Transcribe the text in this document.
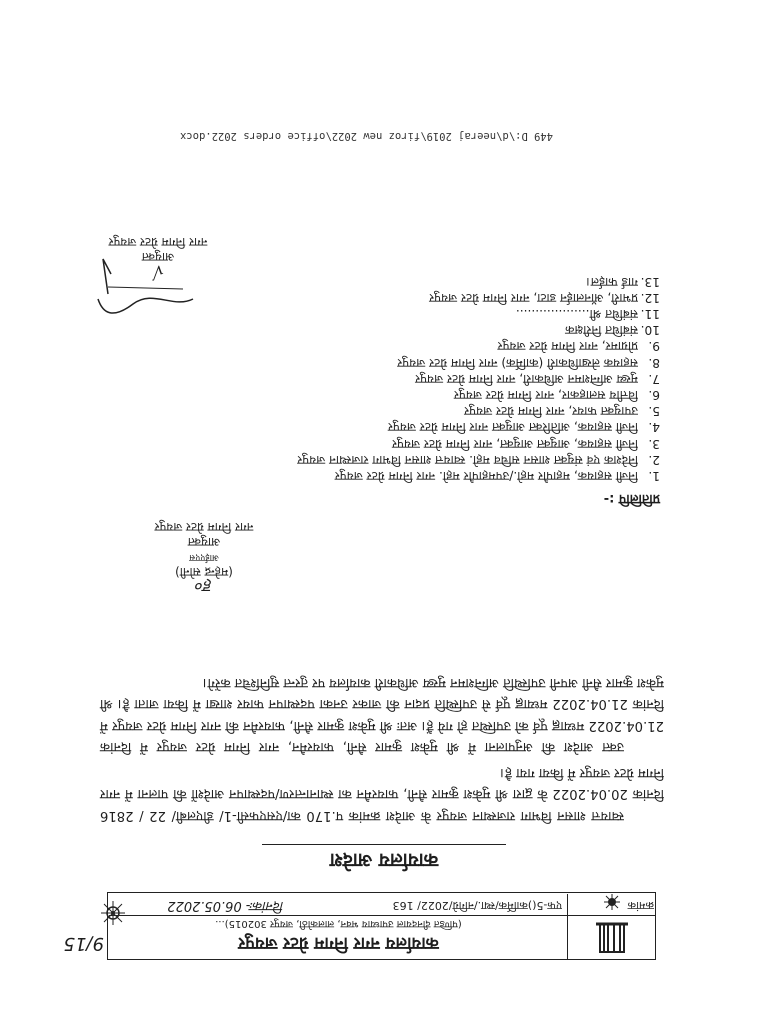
449 D:\d\neeraj 2019\firoz new 2022\office orders 2022.docx

कार्यालय नगर निगम ग्रेटर जयपुर
(पण्डित दीनदयाल उपाध्याय भवन, लालकोठी, जयपुर 302015)...
क्रमांक
एफ-5()कार्मिक/स्था./नगिग्रे/2022/ 163
दिनांकः- 06.05.2022
9/15
कार्यालय आदेश

स्वायत्त शासन विभाग राजस्थान जयपुर के आदेश क्रमांक प.170 का/एसएफसी-1/ डीएलबी/ 22 / 2816 दिनांक 20.04.2022 के द्वारा श्री मुकेश कुमार सैनी, फायरमैन का स्थानान्तरण/पदस्थापन आदेशों की पालना में नगर निगम ग्रेटर जयपुर में किया गया है।

उक्त आदेश की अनुपालना में श्री मुकेश कुमार सैनी, फायरमैन, नगर निगम ग्रेटर जयपुर में दिनांक 21.04.2022 मध्याह्न पूर्व को उपस्थित हो गये हैं। अतः श्री मुकेश कुमार सैनी, फायरमैन की नगर निगम ग्रेटर जयपुर में दिनांक 21.04.2022 मध्याह्न पूर्व से उपस्थिति प्रदान की जाकर उनका पदस्थापन फायर शाखा में किया जाता है। श्री मुकेश कुमार सैनी अपनी उपस्थिति अग्निशमन मुख्य अधिकारी कार्यालय पर तुरन्त सुनिश्चित करेंगे।

ह०
(महेन्द्र सोनी)
आईएएस
आयुक्त
नगर निगम ग्रेटर जयपुर
प्रतिलिपि :-
1.निजी सहायक, महापौर महो./उपमहापौर महो. नगर निगम ग्रेटर जयपुर
2.निदेशक एवं संयुक्त शासन सचिव महो. स्वायत्त शासन विभाग राजस्थान जयपुर
3.निजी सहायक, आयुक्त आयुक्त, नगर निगम ग्रेटर जयपुर
4.निजी सहायक, अतिरिक्त आयुक्त नगर निगम ग्रेटर जयपुर
5.उपायुक्त फायर, नगर निगम ग्रेटर जयपुर
6.वित्तीय सलाहकार, नगर निगम ग्रेटर जयपुर
7.मुख्य अग्निशमन अधिकारी, नगर निगम ग्रेटर जयपुर
8.सहायक लेखाधिकारी (कार्मिक) नगर निगम ग्रेटर जयपुर
9.प्रोग्रामर, नगर निगम ग्रेटर जयपुर
10.संबंधित निरीक्षक
11.संबंधित श्री...................
12.प्रभारी, ऑनलाईन डाटा, नगर निगम ग्रेटर जयपुर
13.गार्ड फाईल।
√
आयुक्त
नगर निगम ग्रेटर जयपुर
